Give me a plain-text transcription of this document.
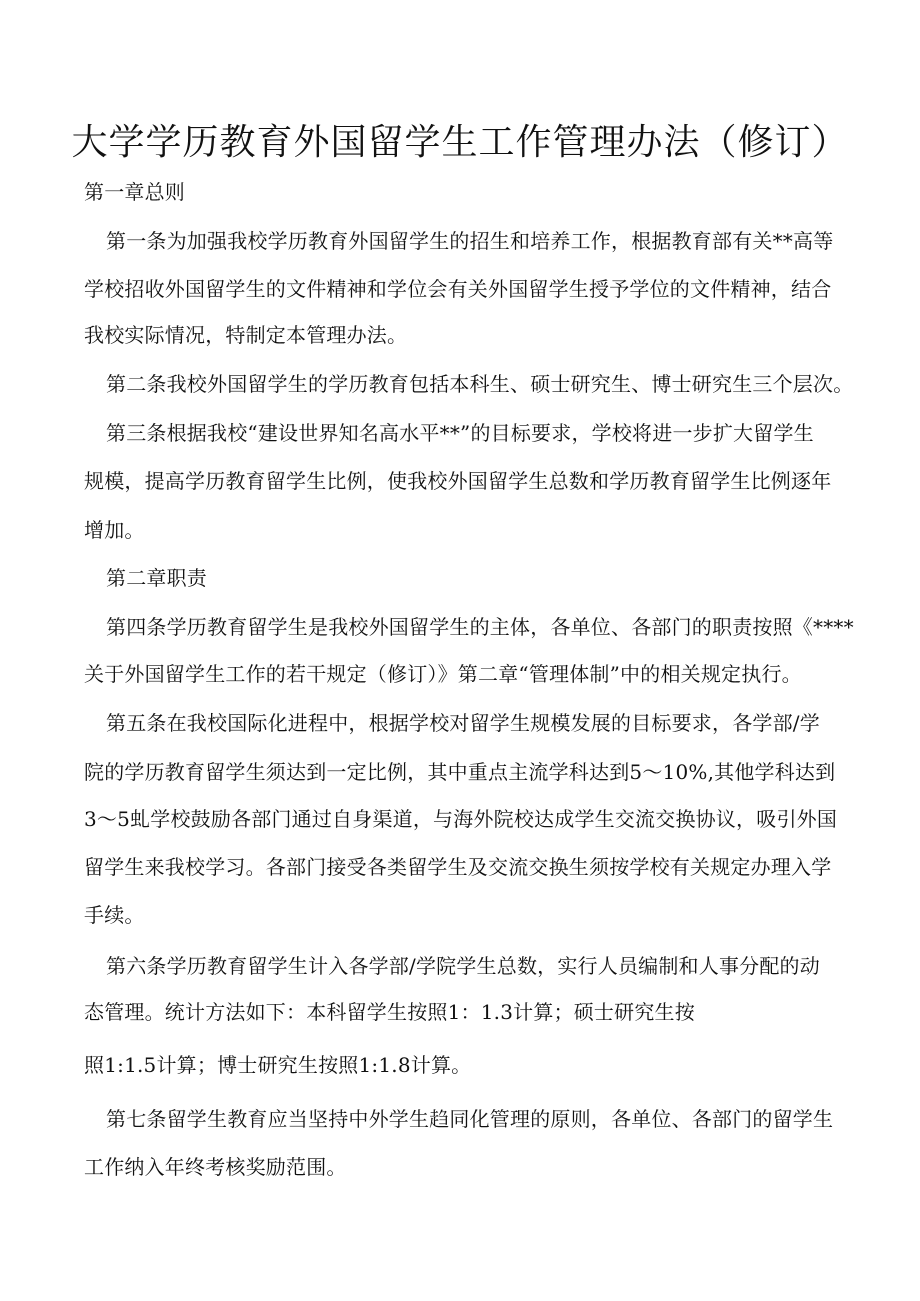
大学学历教育外国留学生工作管理办法（修订）
第一章总则
第一条为加强我校学历教育外国留学生的招生和培养工作，根据教育部有关**高等
学校招收外国留学生的文件精神和学位会有关外国留学生授予学位的文件精神，结合
我校实际情况，特制定本管理办法。
第二条我校外国留学生的学历教育包括本科生、硕士研究生、博士研究生三个层次。
第三条根据我校“建设世界知名高水平**”的目标要求，学校将进一步扩大留学生
规模，提高学历教育留学生比例，使我校外国留学生总数和学历教育留学生比例逐年
增加。
第二章职责
第四条学历教育留学生是我校外国留学生的主体，各单位、各部门的职责按照《****
关于外国留学生工作的若干规定（修订）》第二章“管理体制”中的相关规定执行。
第五条在我校国际化进程中，根据学校对留学生规模发展的目标要求，各学部/学
院的学历教育留学生须达到一定比例，其中重点主流学科达到5～10%,其他学科达到
3～5虬学校鼓励各部门通过自身渠道，与海外院校达成学生交流交换协议，吸引外国
留学生来我校学习。各部门接受各类留学生及交流交换生须按学校有关规定办理入学
手续。
第六条学历教育留学生计入各学部/学院学生总数，实行人员编制和人事分配的动
态管理。统计方法如下：本科留学生按照1：1.3计算；硕士研究生按
照1:1.5计算；博士研究生按照1:1.8计算。
第七条留学生教育应当坚持中外学生趋同化管理的原则，各单位、各部门的留学生
工作纳入年终考核奖励范围。
